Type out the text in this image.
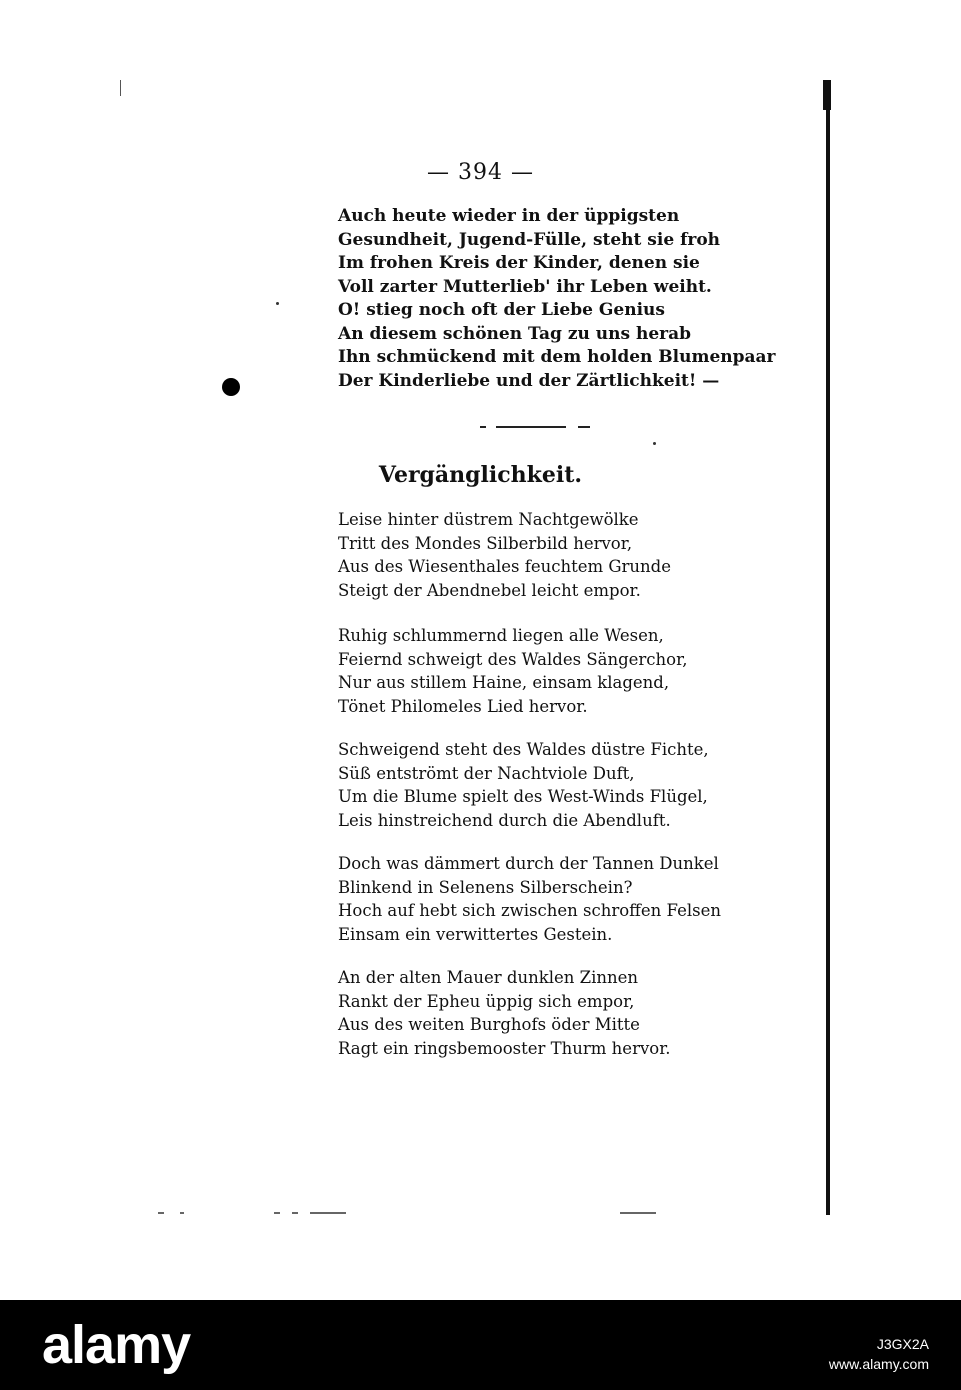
— 394 —
Auch heute wieder in der üppigsten
Gesundheit, Jugend-Fülle, steht sie froh
Im frohen Kreis der Kinder, denen sie
Voll zarter Mutterlieb' ihr Leben weiht.
O! stieg noch oft der Liebe Genius
An diesem schönen Tag zu uns herab
Ihn schmückend mit dem holden Blumenpaar
Der Kinderliebe und der Zärtlichkeit! —
Vergänglichkeit.
Leise hinter düstrem Nachtgewölke
Tritt des Mondes Silberbild hervor,
Aus des Wiesenthales feuchtem Grunde
Steigt der Abendnebel leicht empor.
Ruhig schlummernd liegen alle Wesen,
Feiernd schweigt des Waldes Sängerchor,
Nur aus stillem Haine, einsam klagend,
Tönet Philomeles Lied hervor.
Schweigend steht des Waldes düstre Fichte,
Süß entströmt der Nachtviole Duft,
Um die Blume spielt des West-Winds Flügel,
Leis hinstreichend durch die Abendluft.
Doch was dämmert durch der Tannen Dunkel
Blinkend in Selenens Silberschein?
Hoch auf hebt sich zwischen schroffen Felsen
Einsam ein verwittertes Gestein.
An der alten Mauer dunklen Zinnen
Rankt der Epheu üppig sich empor,
Aus des weiten Burghofs öder Mitte
Ragt ein ringsbemooster Thurm hervor.
alamy	J3GX2A
www.alamy.com
